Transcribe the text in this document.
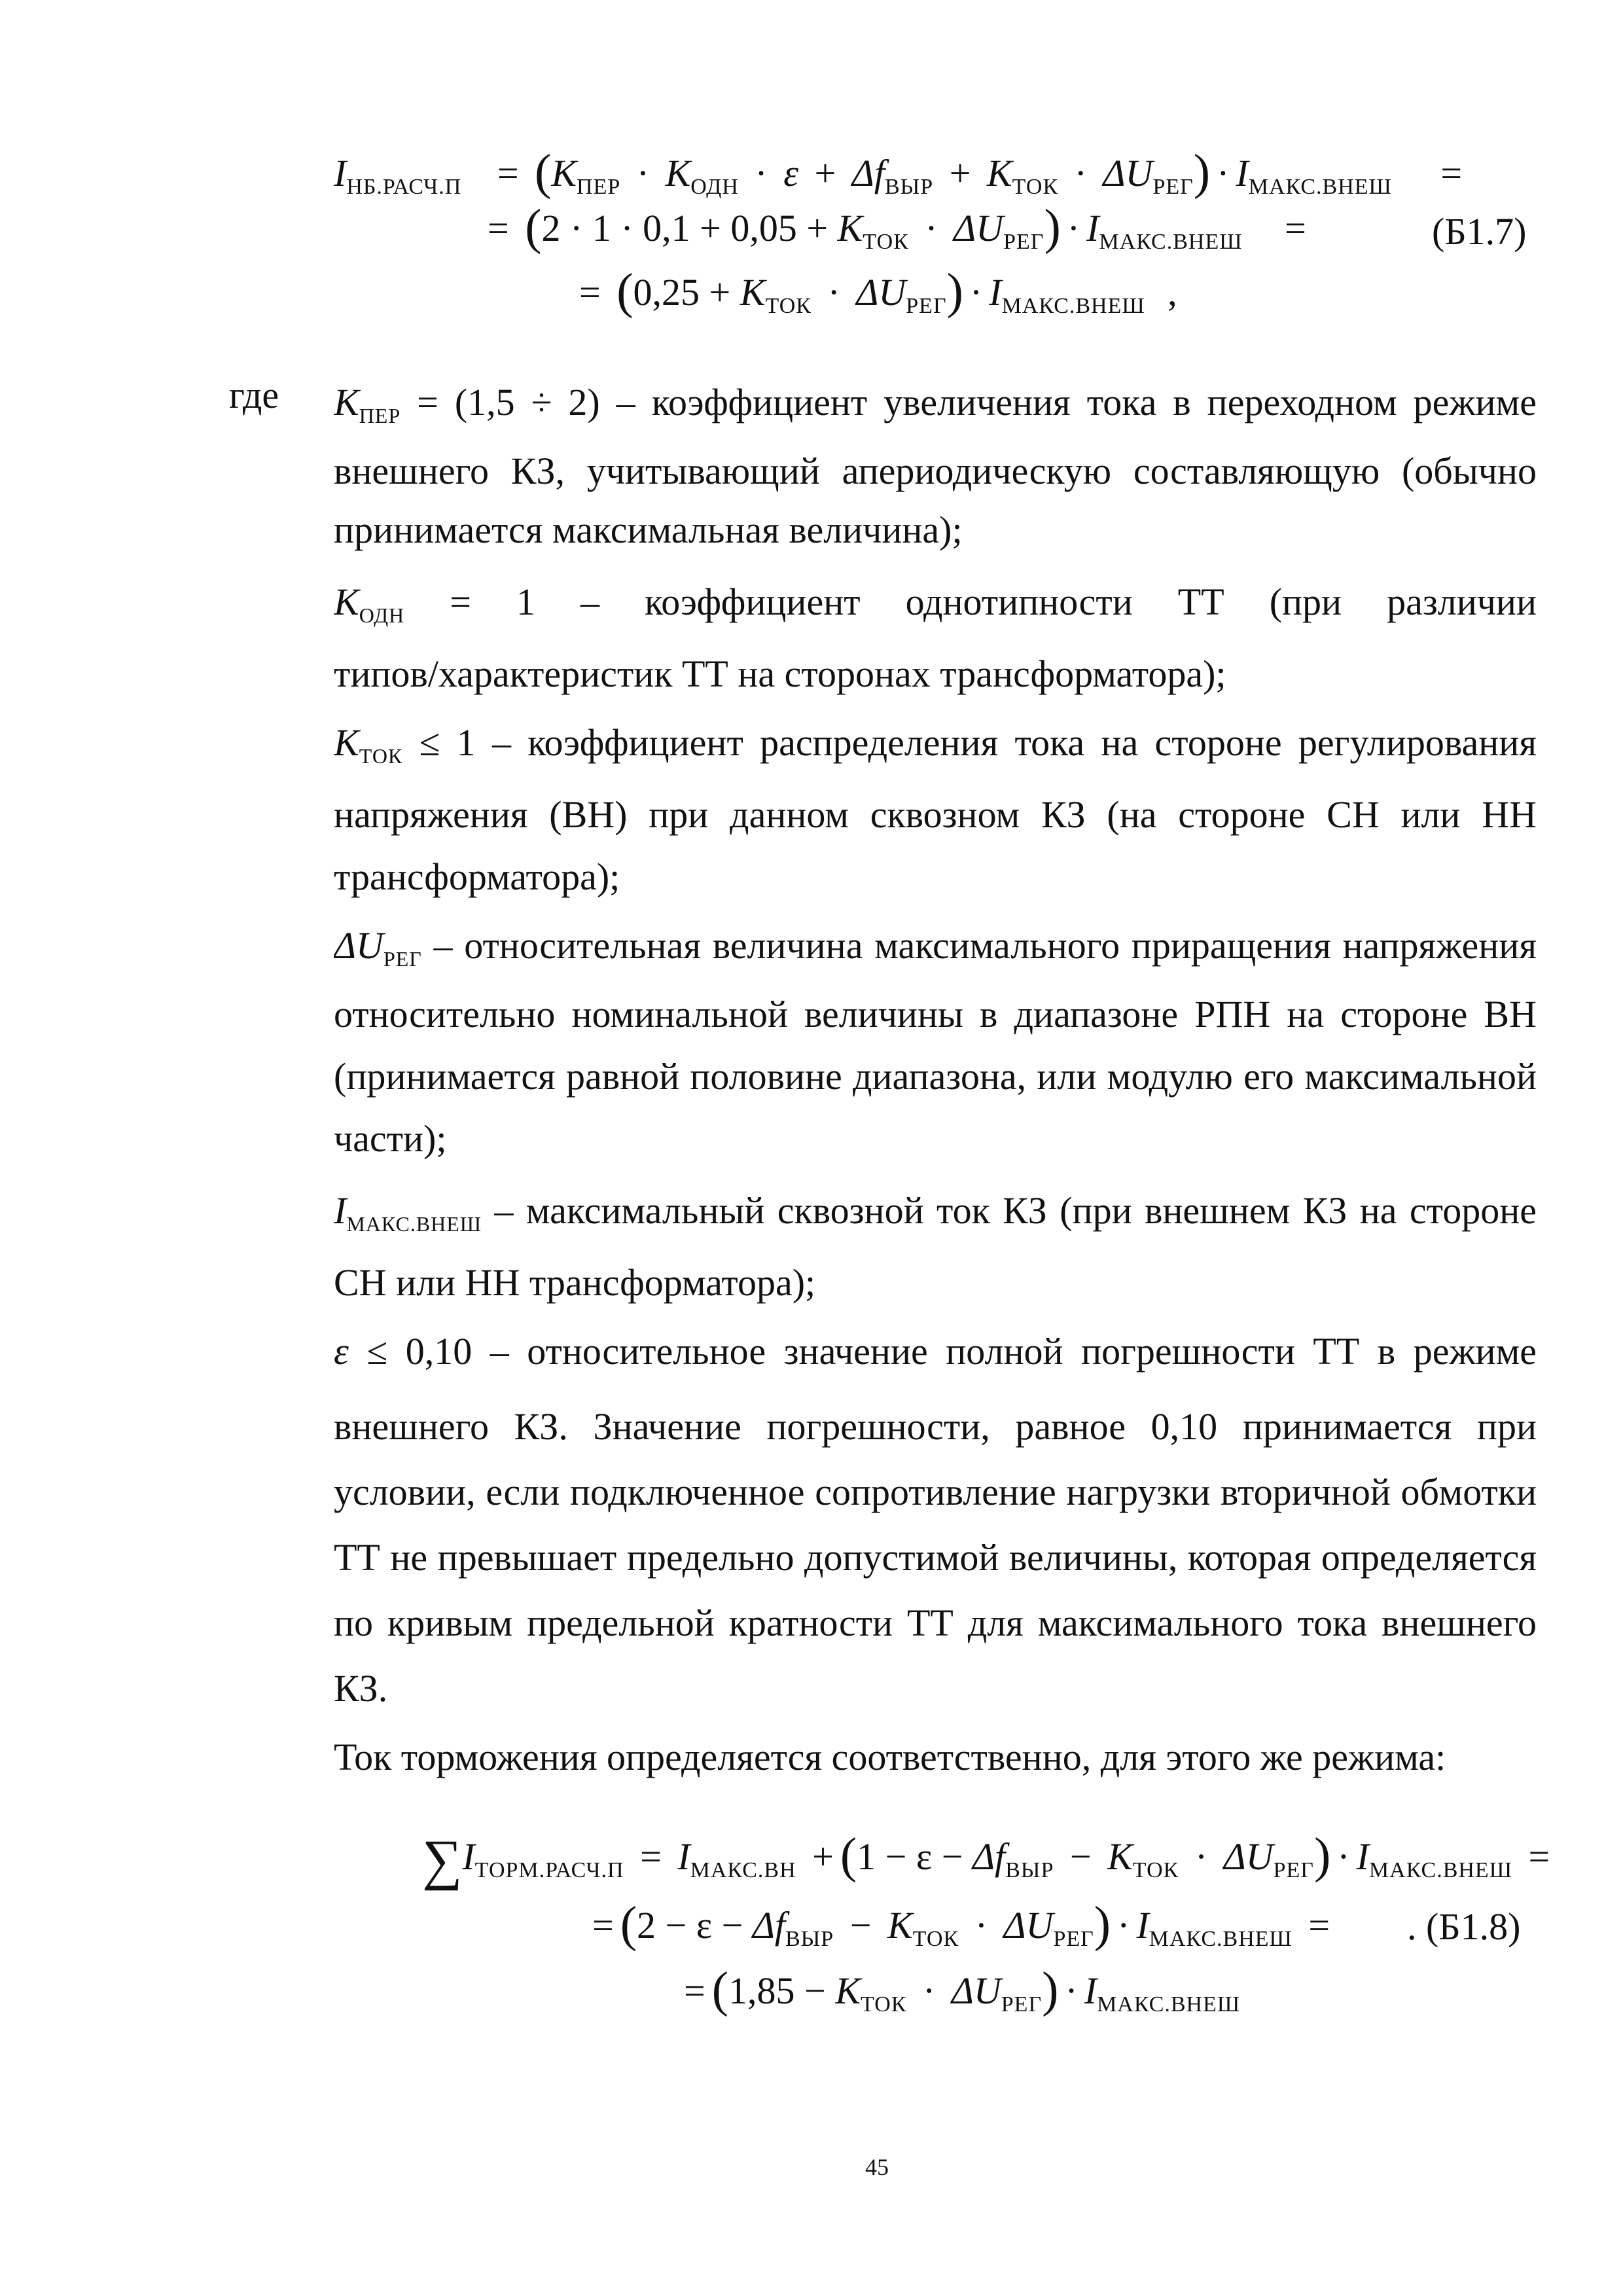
$I_{НБ.РАСЧ.П} = (K_{ПЕР} \cdot K_{ОДН} \cdot \varepsilon + \Delta f_{ВЫР} + K_{ТОК} \cdot \Delta U_{РЕГ}) \cdot I_{МАКС.ВНЕШ}$ =
= $(2 \cdot 1 \cdot 0,1 + 0,05 + K_{ТОК} \cdot \Delta U_{РЕГ}) \cdot I_{МАКС.ВНЕШ}$ =	(Б1.7)
= $(0,25 + K_{ТОК} \cdot \Delta U_{РЕГ}) \cdot I_{МАКС.ВНЕШ}$ ,
где $K_{ПЕР} = (1,5 \div 2)$ – коэффициент увеличения тока в переходном режиме
внешнего КЗ, учитывающий апериодическую составляющую (обычно
принимается максимальная величина);
$K_{ОДН} = 1$ – коэффициент однотипности ТТ (при различии
типов/характеристик ТТ на сторонах трансформатора);
$K_{ТОК} \le 1$ – коэффициент распределения тока на стороне регулирования
напряжения (ВН) при данном сквозном КЗ (на стороне СН или НН
трансформатора);
$\Delta U_{РЕГ}$ – относительная величина максимального приращения напряжения
относительно номинальной величины в диапазоне РПН на стороне ВН
(принимается равной половине диапазона, или модулю его максимальной
части);
$I_{МАКС.ВНЕШ}$ – максимальный сквозной ток КЗ (при внешнем КЗ на стороне
СН или НН трансформатора);
ε ≤ 0,10 – относительное значение полной погрешности ТТ в режиме
внешнего КЗ. Значение погрешности, равное 0,10 принимается при
условии, если подключенное сопротивление нагрузки вторичной обмотки
ТТ не превышает предельно допустимой величины, которая определяется
по кривым предельной кратности ТТ для максимального тока внешнего
КЗ.
Ток торможения определяется соответственно, для этого же режима:
$\sum I_{ТОРМ.РАСЧ.П} = I_{МАКС.ВН} + (1 - \varepsilon - \Delta f_{ВЫР} - K_{ТОК} \cdot \Delta U_{РЕГ}) \cdot I_{МАКС.ВНЕШ}$ =
= $(2 - \varepsilon - \Delta f_{ВЫР} - K_{ТОК} \cdot \Delta U_{РЕГ}) \cdot I_{МАКС.ВНЕШ}$ = . (Б1.8)
= $(1,85 - K_{ТОК} \cdot \Delta U_{РЕГ}) \cdot I_{МАКС.ВНЕШ}$
45
